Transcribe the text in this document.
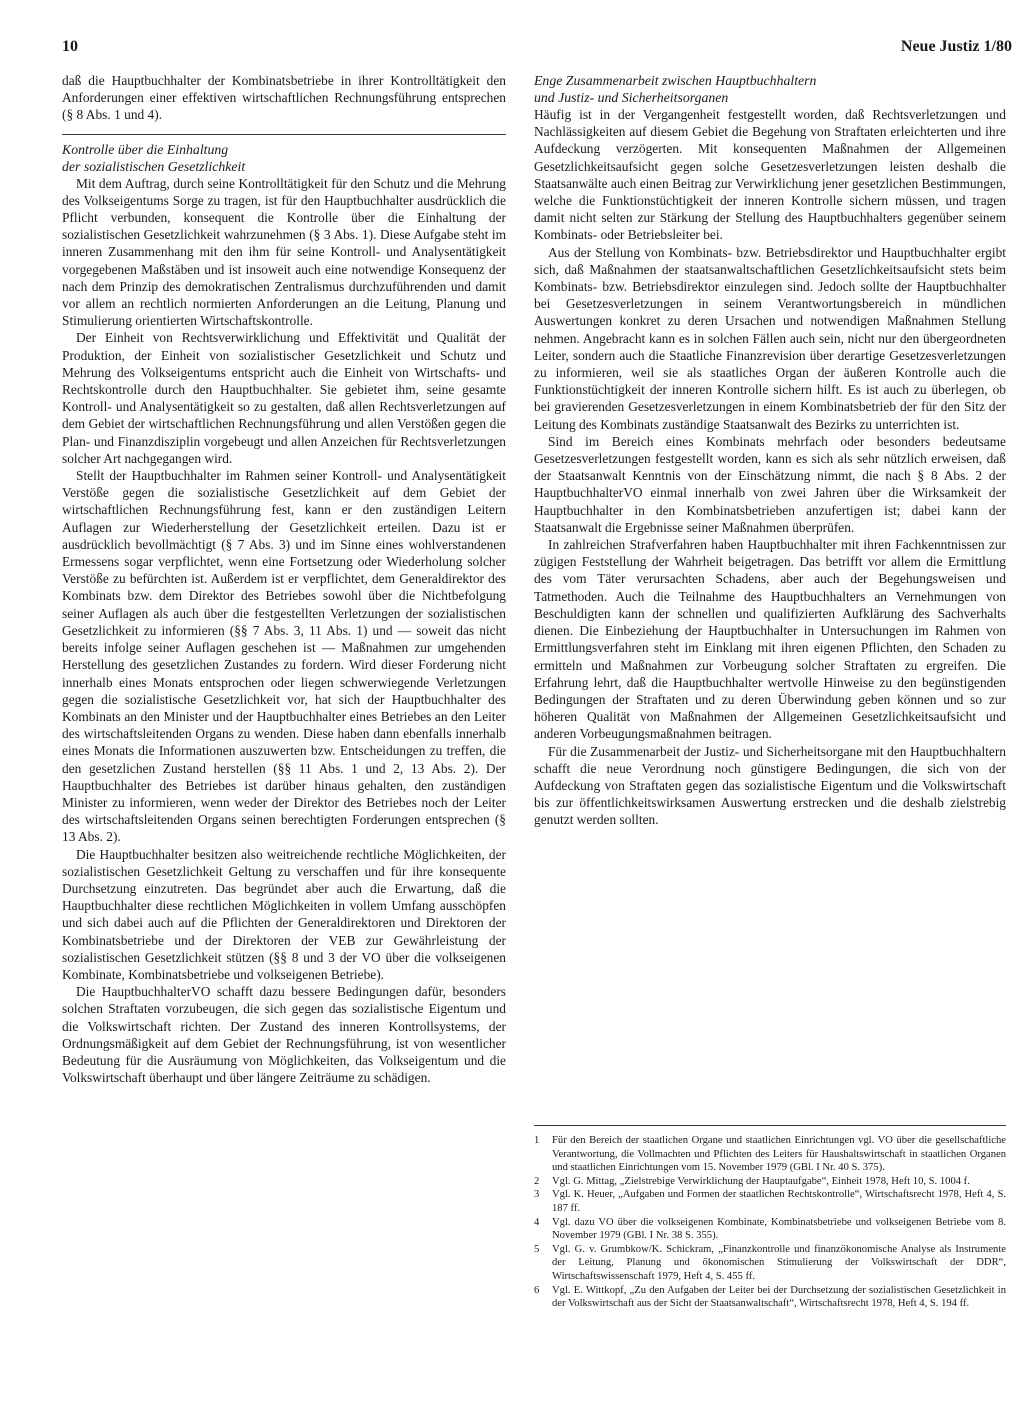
10	Neue Justiz 1/80

daß die Hauptbuchhalter der Kombinatsbetriebe in ihrer Kontrolltätigkeit den Anforderungen einer effektiven wirtschaftlichen Rechnungsführung entsprechen (§ 8 Abs. 1 und 4).

Kontrolle über die Einhaltung
der sozialistischen Gesetzlichkeit

Mit dem Auftrag, durch seine Kontrolltätigkeit für den Schutz und die Mehrung des Volkseigentums Sorge zu tragen, ist für den Hauptbuchhalter ausdrücklich die Pflicht verbunden, konsequent die Kontrolle über die Einhaltung der sozialistischen Gesetzlichkeit wahrzunehmen (§ 3 Abs. 1). Diese Aufgabe steht im inneren Zusammenhang mit den ihm für seine Kontroll- und Analysentätigkeit vorgegebenen Maßstäben und ist insoweit auch eine notwendige Konsequenz der nach dem Prinzip des demokratischen Zentralismus durchzuführenden und damit vor allem an rechtlich normierten Anforderungen an die Leitung, Planung und Stimulierung orientierten Wirtschaftskontrolle.

Der Einheit von Rechtsverwirklichung und Effektivität und Qualität der Produktion, der Einheit von sozialistischer Gesetzlichkeit und Schutz und Mehrung des Volkseigentums entspricht auch die Einheit von Wirtschafts- und Rechtskontrolle durch den Hauptbuchhalter. Sie gebietet ihm, seine gesamte Kontroll- und Analysentätigkeit so zu gestalten, daß allen Rechtsverletzungen auf dem Gebiet der wirtschaftlichen Rechnungsführung und allen Verstößen gegen die Plan- und Finanzdisziplin vorgebeugt und allen Anzeichen für Rechtsverletzungen solcher Art nachgegangen wird.

Stellt der Hauptbuchhalter im Rahmen seiner Kontroll- und Analysentätigkeit Verstöße gegen die sozialistische Gesetzlichkeit auf dem Gebiet der wirtschaftlichen Rechnungsführung fest, kann er den zuständigen Leitern Auflagen zur Wiederherstellung der Gesetzlichkeit erteilen. Dazu ist er ausdrücklich bevollmächtigt (§ 7 Abs. 3) und im Sinne eines wohlverstandenen Ermessens sogar verpflichtet, wenn eine Fortsetzung oder Wiederholung solcher Verstöße zu befürchten ist. Außerdem ist er verpflichtet, dem Generaldirektor des Kombinats bzw. dem Direktor des Betriebes sowohl über die Nichtbefolgung seiner Auflagen als auch über die festgestellten Verletzungen der sozialistischen Gesetzlichkeit zu informieren (§§ 7 Abs. 3, 11 Abs. 1) und — soweit das nicht bereits infolge seiner Auflagen geschehen ist — Maßnahmen zur umgehenden Herstellung des gesetzlichen Zustandes zu fordern. Wird dieser Forderung nicht innerhalb eines Monats entsprochen oder liegen schwerwiegende Verletzungen gegen die sozialistische Gesetzlichkeit vor, hat sich der Hauptbuchhalter des Kombinats an den Minister und der Hauptbuchhalter eines Betriebes an den Leiter des wirtschaftsleitenden Organs zu wenden. Diese haben dann ebenfalls innerhalb eines Monats die Informationen auszuwerten bzw. Entscheidungen zu treffen, die den gesetzlichen Zustand herstellen (§§ 11 Abs. 1 und 2, 13 Abs. 2). Der Hauptbuchhalter des Betriebes ist darüber hinaus gehalten, den zuständigen Minister zu informieren, wenn weder der Direktor des Betriebes noch der Leiter des wirtschaftsleitenden Organs seinen berechtigten Forderungen entsprechen (§ 13 Abs. 2).

Die Hauptbuchhalter besitzen also weitreichende rechtliche Möglichkeiten, der sozialistischen Gesetzlichkeit Geltung zu verschaffen und für ihre konsequente Durchsetzung einzutreten. Das begründet aber auch die Erwartung, daß die Hauptbuchhalter diese rechtlichen Möglichkeiten in vollem Umfang ausschöpfen und sich dabei auch auf die Pflichten der Generaldirektoren und Direktoren der Kombinatsbetriebe und der Direktoren der VEB zur Gewährleistung der sozialistischen Gesetzlichkeit stützen (§§ 8 und 3 der VO über die volkseigenen Kombinate, Kombinatsbetriebe und volkseigenen Betriebe).

Die HauptbuchhalterVO schafft dazu bessere Bedingungen dafür, besonders solchen Straftaten vorzubeugen, die sich gegen das sozialistische Eigentum und die Volkswirtschaft richten. Der Zustand des inneren Kontrollsystems, der Ordnungsmäßigkeit auf dem Gebiet der Rechnungsführung, ist von wesentlicher Bedeutung für die Ausräumung von Möglichkeiten, das Volkseigentum und die Volkswirtschaft überhaupt und über längere Zeiträume zu schädigen.

Enge Zusammenarbeit zwischen Hauptbuchhaltern
und Justiz- und Sicherheitsorganen

Häufig ist in der Vergangenheit festgestellt worden, daß Rechtsverletzungen und Nachlässigkeiten auf diesem Gebiet die Begehung von Straftaten erleichterten und ihre Aufdeckung verzögerten. Mit konsequenten Maßnahmen der Allgemeinen Gesetzlichkeitsaufsicht gegen solche Gesetzesverletzungen leisten deshalb die Staatsanwälte auch einen Beitrag zur Verwirklichung jener gesetzlichen Bestimmungen, welche die Funktionstüchtigkeit der inneren Kontrolle sichern müssen, und tragen damit nicht selten zur Stärkung der Stellung des Hauptbuchhalters gegenüber seinem Kombinats- oder Betriebsleiter bei.

Aus der Stellung von Kombinats- bzw. Betriebsdirektor und Hauptbuchhalter ergibt sich, daß Maßnahmen der staatsanwaltschaftlichen Gesetzlichkeitsaufsicht stets beim Kombinats- bzw. Betriebsdirektor einzulegen sind. Jedoch sollte der Hauptbuchhalter bei Gesetzesverletzungen in seinem Verantwortungsbereich in mündlichen Auswertungen konkret zu deren Ursachen und notwendigen Maßnahmen Stellung nehmen. Angebracht kann es in solchen Fällen auch sein, nicht nur den übergeordneten Leiter, sondern auch die Staatliche Finanzrevision über derartige Gesetzesverletzungen zu informieren, weil sie als staatliches Organ der äußeren Kontrolle auch die Funktionstüchtigkeit der inneren Kontrolle sichern hilft. Es ist auch zu überlegen, ob bei gravierenden Gesetzesverletzungen in einem Kombinatsbetrieb der für den Sitz der Leitung des Kombinats zuständige Staatsanwalt des Bezirks zu unterrichten ist.

Sind im Bereich eines Kombinats mehrfach oder besonders bedeutsame Gesetzesverletzungen festgestellt worden, kann es sich als sehr nützlich erweisen, daß der Staatsanwalt Kenntnis von der Einschätzung nimmt, die nach § 8 Abs. 2 der HauptbuchhalterVO einmal innerhalb von zwei Jahren über die Wirksamkeit der Hauptbuchhalter in den Kombinatsbetrieben anzufertigen ist; dabei kann der Staatsanwalt die Ergebnisse seiner Maßnahmen überprüfen.

In zahlreichen Strafverfahren haben Hauptbuchhalter mit ihren Fachkenntnissen zur zügigen Feststellung der Wahrheit beigetragen. Das betrifft vor allem die Ermittlung des vom Täter verursachten Schadens, aber auch der Begehungsweisen und Tatmethoden. Auch die Teilnahme des Hauptbuchhalters an Vernehmungen von Beschuldigten kann der schnellen und qualifizierten Aufklärung des Sachverhalts dienen. Die Einbeziehung der Hauptbuchhalter in Untersuchungen im Rahmen von Ermittlungsverfahren steht im Einklang mit ihren eigenen Pflichten, den Schaden zu ermitteln und Maßnahmen zur Vorbeugung solcher Straftaten zu ergreifen. Die Erfahrung lehrt, daß die Hauptbuchhalter wertvolle Hinweise zu den begünstigenden Bedingungen der Straftaten und zu deren Überwindung geben können und so zur höheren Qualität von Maßnahmen der Allgemeinen Gesetzlichkeitsaufsicht und anderen Vorbeugungsmaßnahmen beitragen.

Für die Zusammenarbeit der Justiz- und Sicherheitsorgane mit den Hauptbuchhaltern schafft die neue Verordnung noch günstigere Bedingungen, die sich von der Aufdeckung von Straftaten gegen das sozialistische Eigentum und die Volkswirtschaft bis zur öffentlichkeitswirksamen Auswertung erstrecken und die deshalb zielstrebig genutzt werden sollten.

1 Für den Bereich der staatlichen Organe und staatlichen Einrichtungen vgl. VO über die gesellschaftliche Verantwortung, die Vollmachten und Pflichten des Leiters für Haushaltswirtschaft in staatlichen Organen und staatlichen Einrichtungen vom 15. November 1979 (GBl. I Nr. 40 S. 375).

2 Vgl. G. Mittag, „Zielstrebige Verwirklichung der Hauptaufgabe“, Einheit 1978, Heft 10, S. 1004 f.

3 Vgl. K. Heuer, „Aufgaben und Formen der staatlichen Rechtskontrolle“, Wirtschaftsrecht 1978, Heft 4, S. 187 ff.

4 Vgl. dazu VO über die volkseigenen Kombinate, Kombinatsbetriebe und volkseigenen Betriebe vom 8. November 1979 (GBl. I Nr. 38 S. 355).

5 Vgl. G. v. Grumbkow/K. Schickram, „Finanzkontrolle und finanzökonomische Analyse als Instrumente der Leitung, Planung und ökonomischen Stimulierung der Volkswirtschaft der DDR“, Wirtschaftswissenschaft 1979, Heft 4, S. 455 ff.

6 Vgl. E. Wittkopf, „Zu den Aufgaben der Leiter bei der Durchsetzung der sozialistischen Gesetzlichkeit in der Volkswirtschaft aus der Sicht der Staatsanwaltschaft“, Wirtschaftsrecht 1978, Heft 4, S. 194 ff.
